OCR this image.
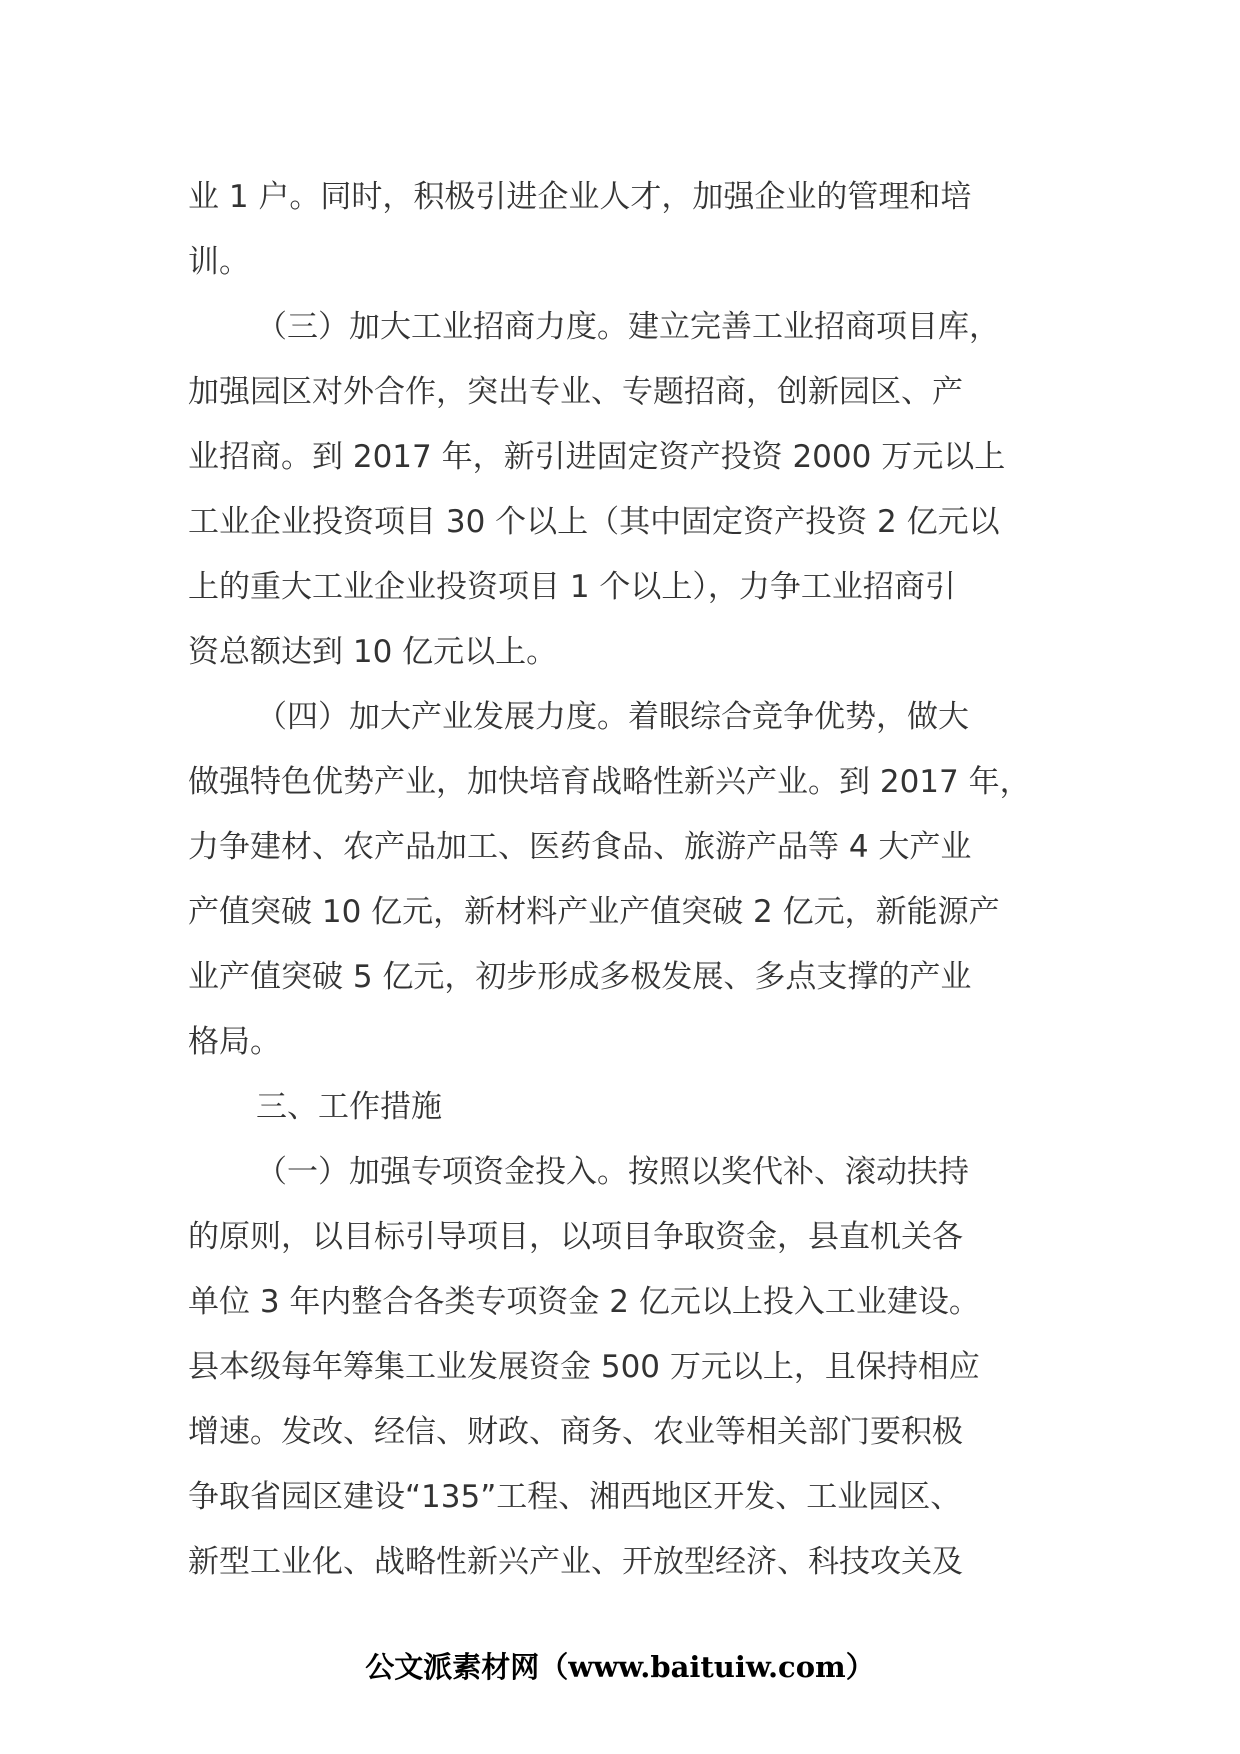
业 1 户。同时，积极引进企业人才，加强企业的管理和培
训。
（三）加大工业招商力度。建立完善工业招商项目库，
加强园区对外合作，突出专业、专题招商，创新园区、产
业招商。到 2017 年，新引进固定资产投资 2000 万元以上
工业企业投资项目 30 个以上（其中固定资产投资 2 亿元以
上的重大工业企业投资项目 1 个以上），力争工业招商引
资总额达到 10 亿元以上。
（四）加大产业发展力度。着眼综合竞争优势，做大
做强特色优势产业，加快培育战略性新兴产业。到 2017 年，
力争建材、农产品加工、医药食品、旅游产品等 4 大产业
产值突破 10 亿元，新材料产业产值突破 2 亿元，新能源产
业产值突破 5 亿元，初步形成多极发展、多点支撑的产业
格局。
三、工作措施
（一）加强专项资金投入。按照以奖代补、滚动扶持
的原则，以目标引导项目，以项目争取资金，县直机关各
单位 3 年内整合各类专项资金 2 亿元以上投入工业建设。
县本级每年筹集工业发展资金 500 万元以上，且保持相应
增速。发改、经信、财政、商务、农业等相关部门要积极
争取省园区建设“135”工程、湘西地区开发、工业园区、
新型工业化、战略性新兴产业、开放型经济、科技攻关及
公文派素材网（www.baituiw.com）
